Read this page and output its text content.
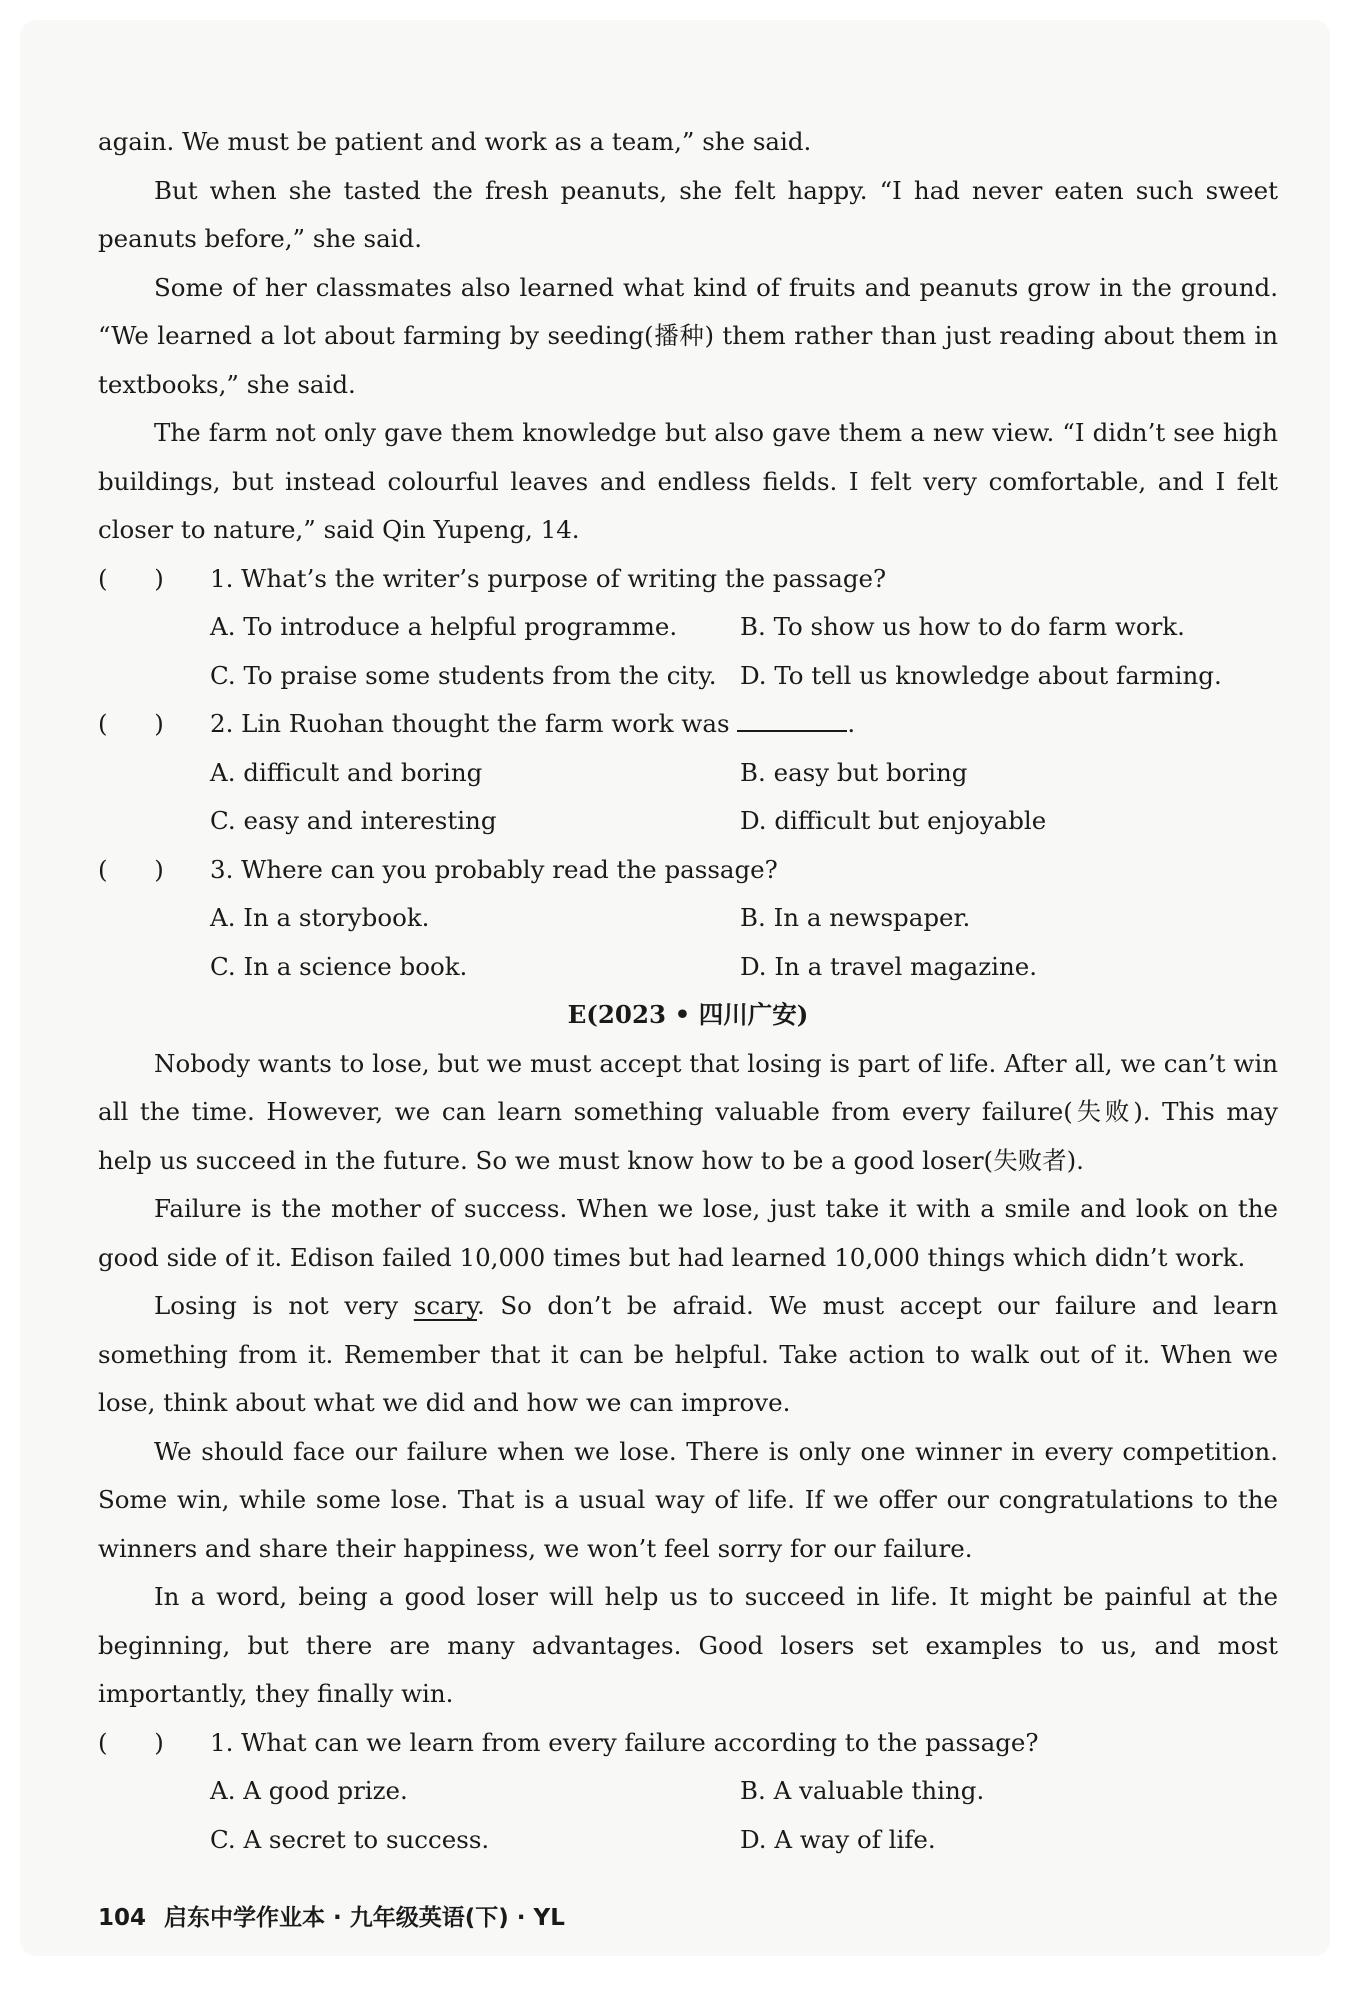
again. We must be patient and work as a team,” she said.

But when she tasted the fresh peanuts, she felt happy. “I had never eaten such sweet peanuts before,” she said.

Some of her classmates also learned what kind of fruits and peanuts grow in the ground. “We learned a lot about farming by seeding(播种) them rather than just reading about them in textbooks,” she said.

The farm not only gave them knowledge but also gave them a new view. “I didn’t see high buildings, but instead colourful leaves and endless fields. I felt very comfortable, and I felt closer to nature,” said Qin Yupeng, 14.

(      )	1. What’s the writer’s purpose of writing the passage?
A. To introduce a helpful programme.	B. To show us how to do farm work.
C. To praise some students from the city. D. To tell us knowledge about farming.
(      )	2. Lin Ruohan thought the farm work was	.
A. difficult and boring	B. easy but boring
C. easy and interesting	D. difficult but enjoyable
(      )	3. Where can you probably read the passage?
A. In a storybook.	B. In a newspaper.
C. In a science book.	D. In a travel magazine.

E(2023 • 四川广安)

Nobody wants to lose, but we must accept that losing is part of life. After all, we can’t win all the time. However, we can learn something valuable from every failure(失败). This may help us succeed in the future. So we must know how to be a good loser(失败者).

Failure is the mother of success. When we lose, just take it with a smile and look on the good side of it. Edison failed 10,000 times but had learned 10,000 things which didn’t work.

Losing is not very scary. So don’t be afraid. We must accept our failure and learn something from it. Remember that it can be helpful. Take action to walk out of it. When we lose, think about what we did and how we can improve.

We should face our failure when we lose. There is only one winner in every competition. Some win, while some lose. That is a usual way of life. If we offer our congratulations to the winners and share their happiness, we won’t feel sorry for our failure.

In a word, being a good loser will help us to succeed in life. It might be painful at the beginning, but there are many advantages. Good losers set examples to us, and most importantly, they finally win.

(      )	1. What can we learn from every failure according to the passage?
A. A good prize.	B. A valuable thing.
C. A secret to success.	D. A way of life.
104 启东中学作业本 · 九年级英语(下) · YL
